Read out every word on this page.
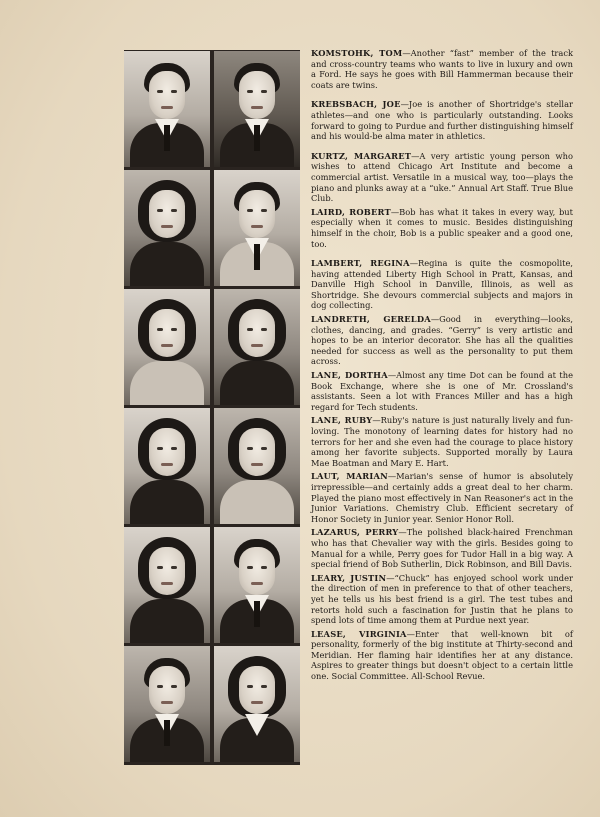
KOMSTOHK, TOM—Another “fast” member of the track and cross-country teams who wants to live in luxury and own a Ford. He says he goes with Bill Hammerman because their coats are twins.

KREBSBACH, JOE—Joe is another of Shortridge's stellar athletes—and one who is particularly outstanding. Looks forward to going to Purdue and further distinguishing himself and his would-be alma mater in athletics.

KURTZ, MARGARET—A very artistic young person who wishes to attend Chicago Art Institute and become a commercial artist. Versatile in a musical way, too—plays the piano and plunks away at a “uke.” Annual Art Staff. True Blue Club.

LAIRD, ROBERT—Bob has what it takes in every way, but especially when it comes to music. Besides distinguishing himself in the choir, Bob is a public speaker and a good one, too.

LAMBERT, REGINA—Regina is quite the cosmopolite, having attended Liberty High School in Pratt, Kansas, and Danville High School in Danville, Illinois, as well as Shortridge. She devours commercial subjects and majors in dog collecting.

LANDRETH, GERELDA—Good in everything—looks, clothes, dancing, and grades. “Gerry” is very artistic and hopes to be an interior decorator. She has all the qualities needed for success as well as the personality to put them across.

LANE, DORTHA—Almost any time Dot can be found at the Book Exchange, where she is one of Mr. Crossland's assistants. Seen a lot with Frances Miller and has a high regard for Tech students.

LANE, RUBY—Ruby's nature is just naturally lively and fun-loving. The monotony of learning dates for history had no terrors for her and she even had the courage to place history among her favorite subjects. Supported morally by Laura Mae Boatman and Mary E. Hart.

LAUT, MARIAN—Marian's sense of humor is absolutely irrepressible—and certainly adds a great deal to her charm. Played the piano most effectively in Nan Reasoner's act in the Junior Variations. Chemistry Club. Efficient secretary of Honor Society in Junior year. Senior Honor Roll.

LAZARUS, PERRY—The polished black-haired Frenchman who has that Chevalier way with the girls. Besides going to Manual for a while, Perry goes for Tudor Hall in a big way. A special friend of Bob Sutherlin, Dick Robinson, and Bill Davis.

LEARY, JUSTIN—“Chuck” has enjoyed school work under the direction of men in preference to that of other teachers, yet he tells us his best friend is a girl. The test tubes and retorts hold such a fascination for Justin that he plans to spend lots of time among them at Purdue next year.

LEASE, VIRGINIA—Enter that well-known bit of personality, formerly of the big institute at Thirty-second and Meridian. Her flaming hair identifies her at any distance. Aspires to greater things but doesn't object to a certain little one. Social Committee. All-School Revue.
